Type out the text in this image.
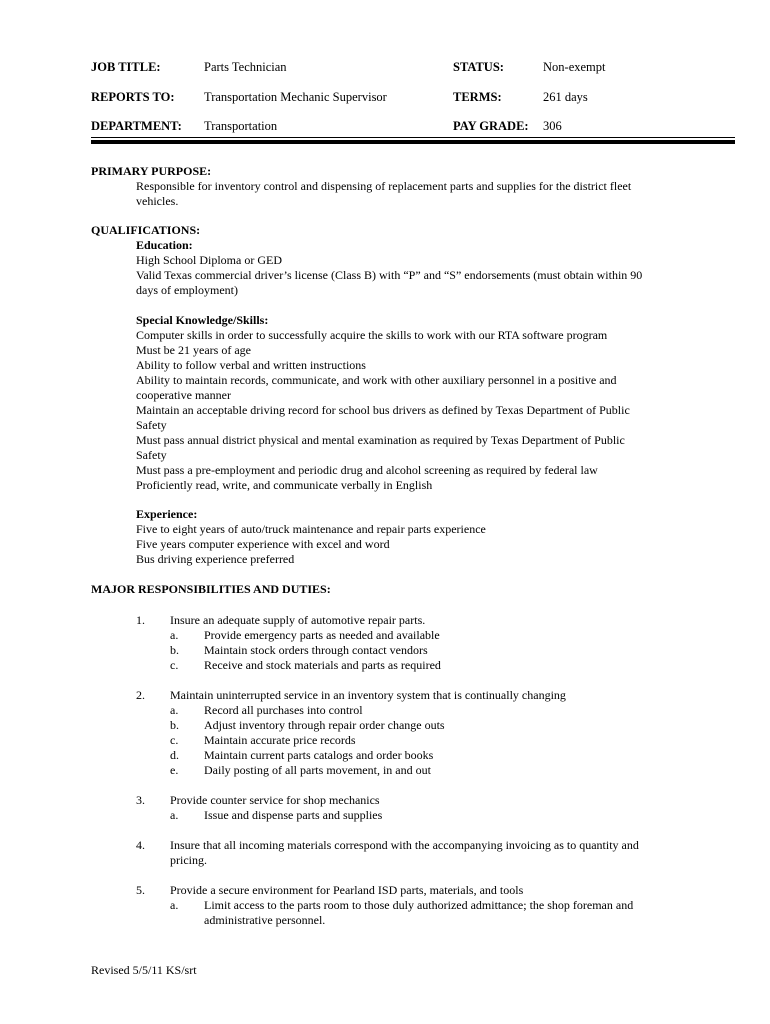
JOB TITLE:	Parts Technician	STATUS:	Non-exempt
REPORTS TO: Transportation Mechanic Supervisor	TERMS:	261 days
DEPARTMENT: Transportation	PAY GRADE: 306
PRIMARY PURPOSE:
Responsible for inventory control and dispensing of replacement parts and supplies for the district fleet
vehicles.
QUALIFICATIONS:
Education:
High School Diploma or GED
Valid Texas commercial driver’s license (Class B) with “P” and “S” endorsements (must obtain within 90
days of employment)
Special Knowledge/Skills:
Computer skills in order to successfully acquire the skills to work with our RTA software program
Must be 21 years of age
Ability to follow verbal and written instructions
Ability to maintain records, communicate, and work with other auxiliary personnel in a positive and
cooperative manner
Maintain an acceptable driving record for school bus drivers as defined by Texas Department of Public
Safety
Must pass annual district physical and mental examination as required by Texas Department of Public
Safety
Must pass a pre-employment and periodic drug and alcohol screening as required by federal law
Proficiently read, write, and communicate verbally in English
Experience:
Five to eight years of auto/truck maintenance and repair parts experience
Five years computer experience with excel and word
Bus driving experience preferred
MAJOR RESPONSIBILITIES AND DUTIES:
1. Insure an adequate supply of automotive repair parts.
a. Provide emergency parts as needed and available
b. Maintain stock orders through contact vendors
c. Receive and stock materials and parts as required
2. Maintain uninterrupted service in an inventory system that is continually changing
a. Record all purchases into control
b. Adjust inventory through repair order change outs
c. Maintain accurate price records
d. Maintain current parts catalogs and order books
e. Daily posting of all parts movement, in and out
3. Provide counter service for shop mechanics
a. Issue and dispense parts and supplies
4. Insure that all incoming materials correspond with the accompanying invoicing as to quantity and
pricing.
5. Provide a secure environment for Pearland ISD parts, materials, and tools
a. Limit access to the parts room to those duly authorized admittance; the shop foreman and
administrative personnel.
Revised 5/5/11 KS/srt
